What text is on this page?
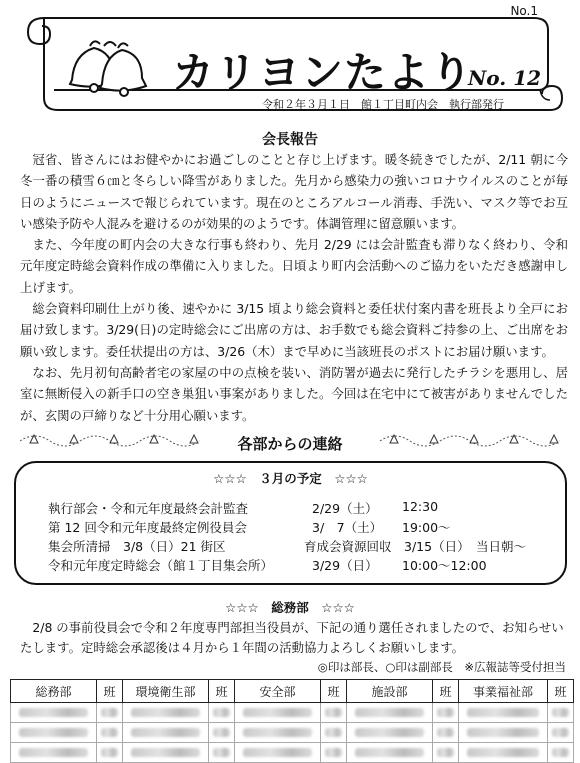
No.1
カリヨンたより
No. 12
令和２年３月１日　館１丁目町内会　執行部発行
会長報告

冠省、皆さんにはお健やかにお過ごしのことと存じ上げます。暖冬続きでしたが、2/11 朝に今冬一番の積雪６㎝と冬らしい降雪がありました。先月から感染力の強いコロナウイルスのことが毎日のようにニュースで報じられています。現在のところアルコール消毒、手洗い、マスク等でお互い感染予防や人混みを避けるのが効果的のようです。体調管理に留意願います。

また、今年度の町内会の大きな行事も終わり、先月 2/29 には会計監査も滞りなく終わり、令和元年度定時総会資料作成の準備に入りました。日頃より町内会活動へのご協力をいただき感謝申し上げます。

総会資料印刷仕上がり後、速やかに 3/15 頃より総会資料と委任状付案内書を班長より全戸にお届け致します。3/29(日)の定時総会にご出席の方は、お手数でも総会資料ご持参の上、ご出席をお願い致します。委任状提出の方は、3/26（木）まで早めに当該班長のポストにお届け願います。

なお、先月初旬高齢者宅の家屋の中の点検を装い、消防署が過去に発行したチラシを悪用し、居室に無断侵入の新手口の空き巣狙い事案がありました。今回は在宅中にて被害がありませんでしたが、玄関の戸締りなど十分用心願います。

各部からの連絡
☆☆☆　３月の予定　☆☆☆
執行部会・令和元年度最終会計監査	2/29（土） 12:30
第 12 回令和元年度最終定例役員会	3/　7（土） 19:00～
集会所清掃　3/8（日）21 街区	育成会資源回収　3/15（日） 当日朝～
令和元年度定時総会（館１丁目集会所）	3/29（日） 10:00～12:00
☆☆☆　総務部　☆☆☆
2/8 の事前役員会で令和２年度専門部担当役員が、下記の通り選任されましたので、お知らせいたします。定時総会承認後は４月から１年間の活動協力よろしくお願いします。
◎印は部長、○印は副部長　※広報誌等受付担当
総務部	班	環境衛生部	班	安全部	班	施設部	班	事業福祉部	班
